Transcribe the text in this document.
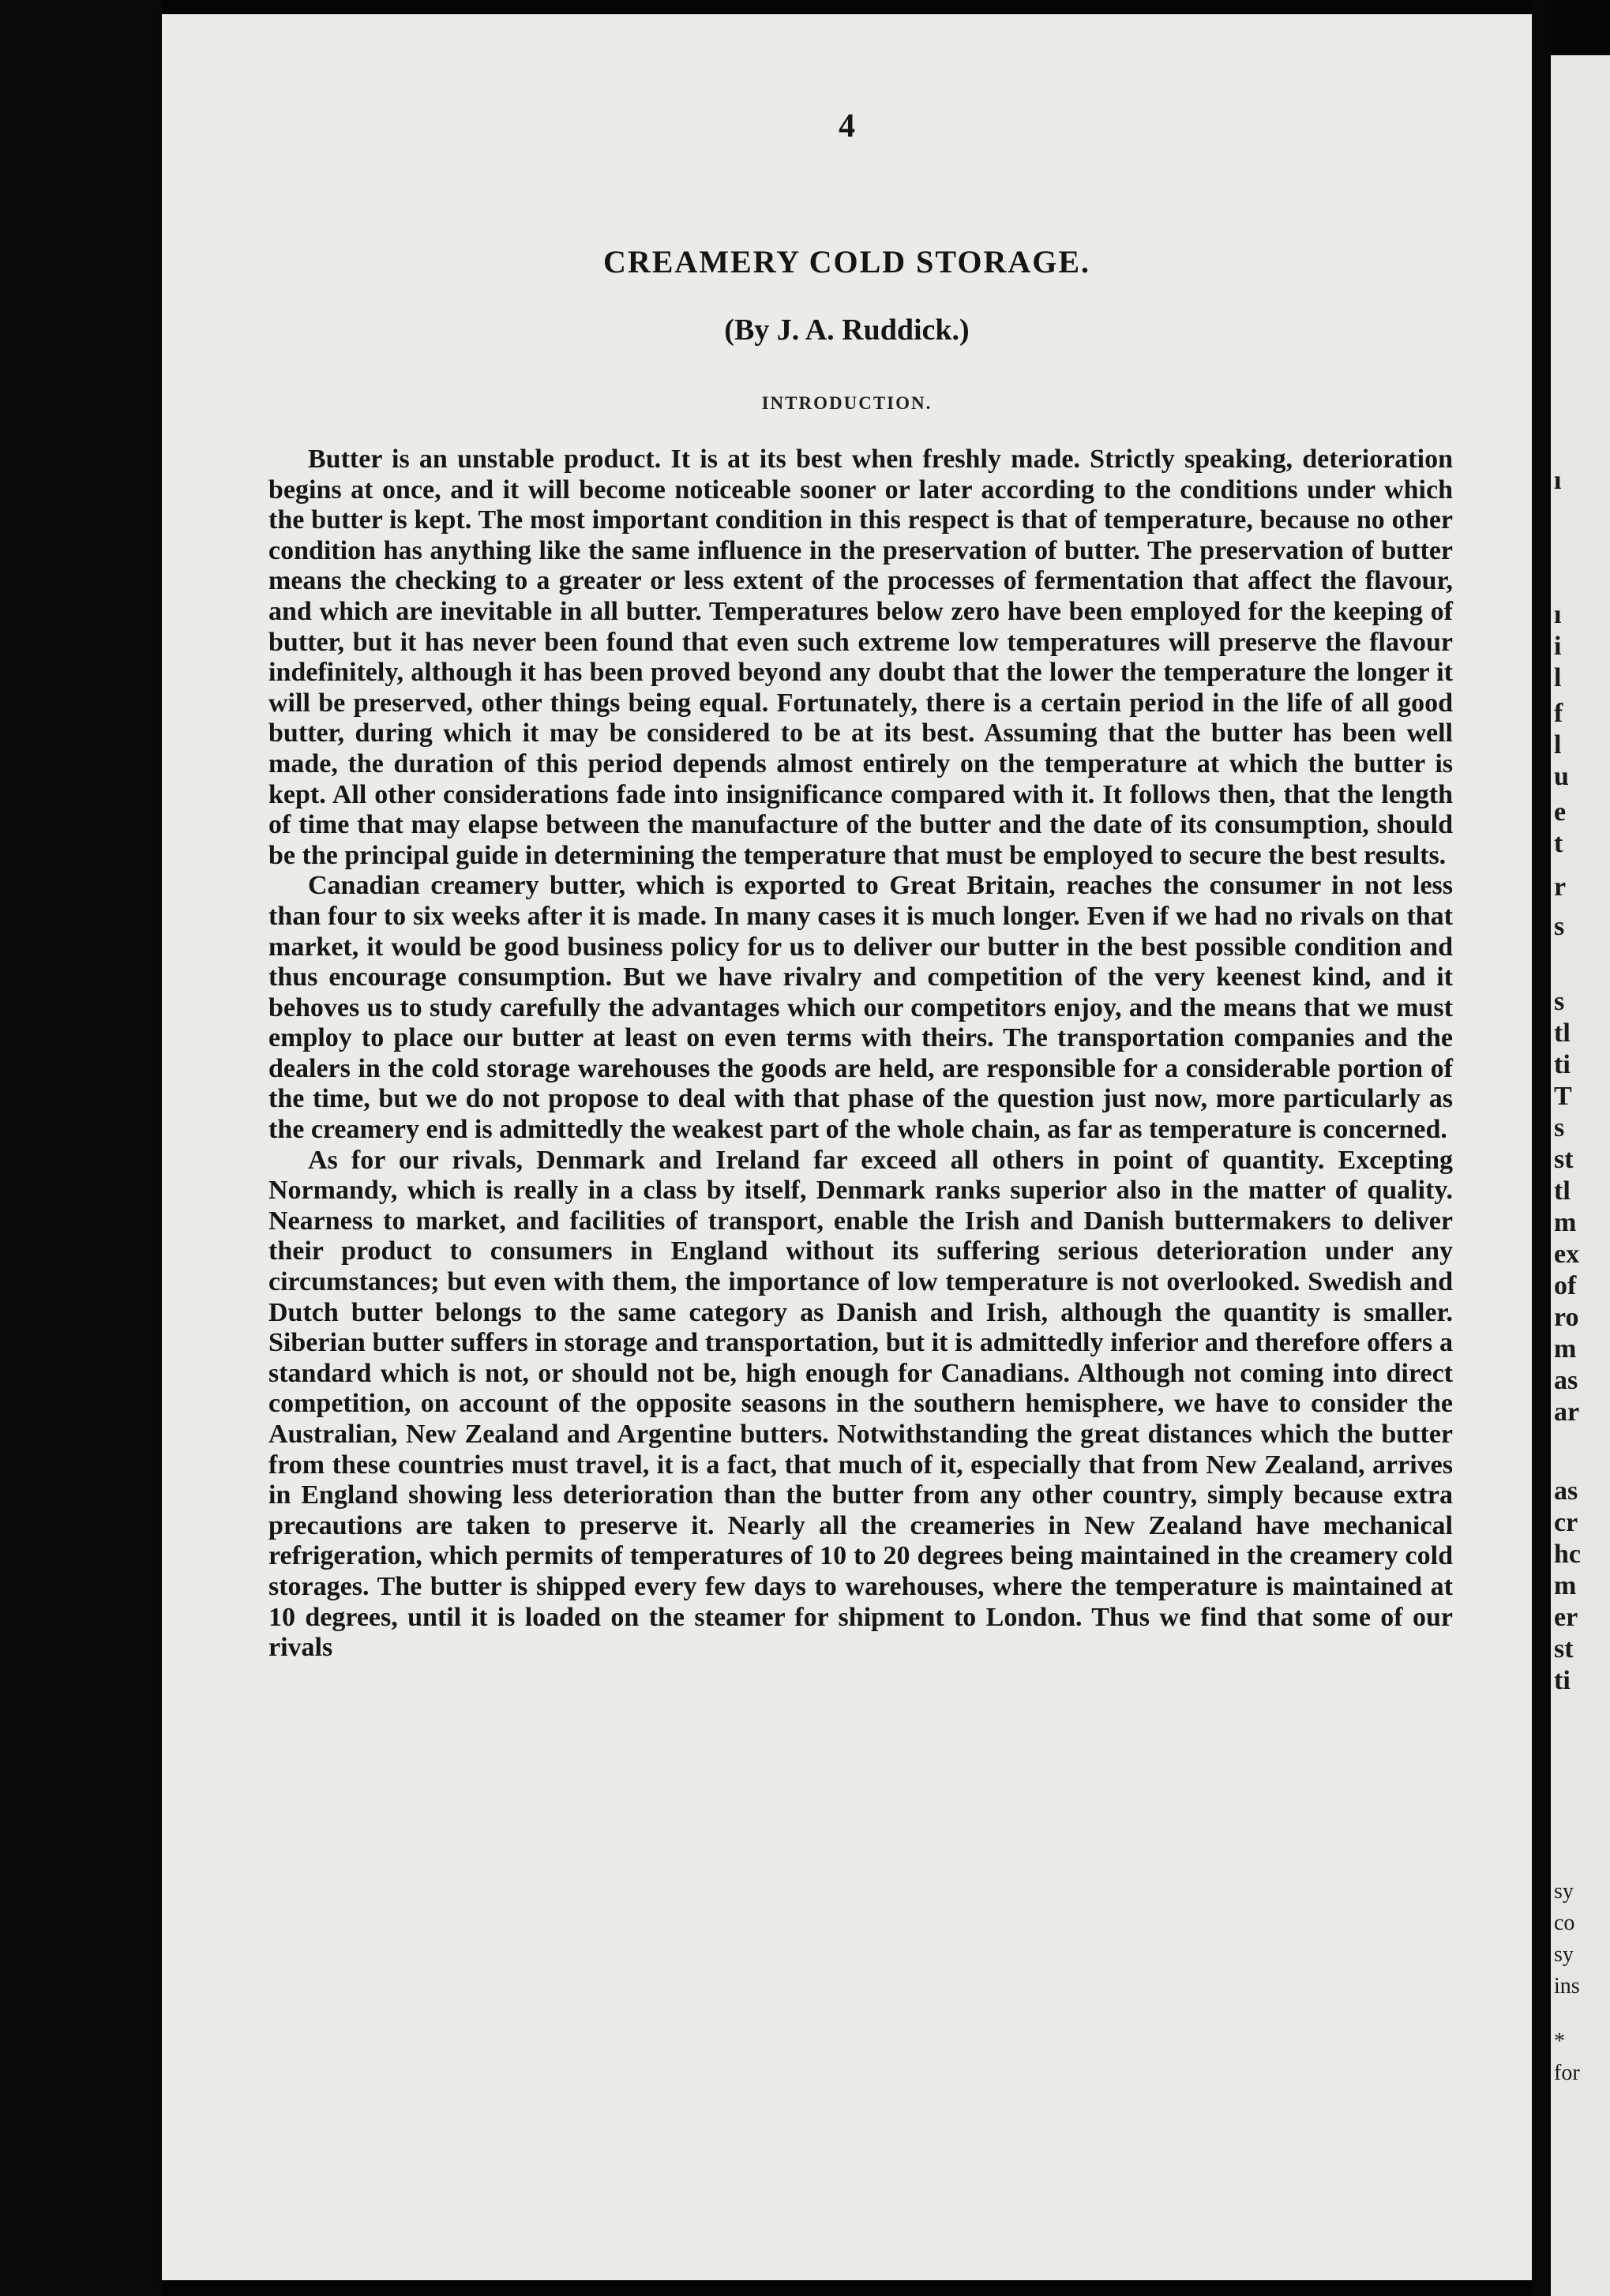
4
CREAMERY COLD STORAGE.
(By J. A. Ruddick.)
INTRODUCTION.

Butter is an unstable product. It is at its best when freshly made. Strictly speaking, deterioration begins at once, and it will become noticeable sooner or later according to the conditions under which the butter is kept. The most important condition in this respect is that of temperature, because no other condition has anything like the same influence in the preservation of butter. The preservation of butter means the checking to a greater or less extent of the processes of fermentation that affect the flavour, and which are inevitable in all butter. Temperatures below zero have been employed for the keeping of butter, but it has never been found that even such extreme low temperatures will preserve the flavour indefinitely, although it has been proved beyond any doubt that the lower the temperature the longer it will be preserved, other things being equal. Fortunately, there is a certain period in the life of all good butter, during which it may be considered to be at its best. Assuming that the butter has been well made, the duration of this period depends almost entirely on the temperature at which the butter is kept. All other considerations fade into insignificance compared with it. It follows then, that the length of time that may elapse between the manufacture of the butter and the date of its consumption, should be the principal guide in determining the temperature that must be employed to secure the best results.

Canadian creamery butter, which is exported to Great Britain, reaches the consumer in not less than four to six weeks after it is made. In many cases it is much longer. Even if we had no rivals on that market, it would be good business policy for us to deliver our butter in the best possible condition and thus encourage consumption. But we have rivalry and competition of the very keenest kind, and it behoves us to study carefully the advantages which our competitors enjoy, and the means that we must employ to place our butter at least on even terms with theirs. The transportation companies and the dealers in the cold storage warehouses the goods are held, are responsible for a considerable portion of the time, but we do not propose to deal with that phase of the question just now, more particularly as the creamery end is admittedly the weakest part of the whole chain, as far as temperature is concerned.

As for our rivals, Denmark and Ireland far exceed all others in point of quantity. Excepting Normandy, which is really in a class by itself, Denmark ranks superior also in the matter of quality. Nearness to market, and facilities of transport, enable the Irish and Danish buttermakers to deliver their product to consumers in England without its suffering serious deterioration under any circumstances; but even with them, the importance of low temperature is not overlooked. Swedish and Dutch butter belongs to the same category as Danish and Irish, although the quantity is smaller. Siberian butter suffers in storage and transportation, but it is admittedly inferior and therefore offers a standard which is not, or should not be, high enough for Canadians. Although not coming into direct competition, on account of the opposite seasons in the southern hemisphere, we have to consider the Australian, New Zealand and Argentine butters. Notwithstanding the great distances which the butter from these countries must travel, it is a fact, that much of it, especially that from New Zealand, arrives in England showing less deterioration than the butter from any other country, simply because extra precautions are taken to preserve it. Nearly all the creameries in New Zealand have mechanical refrigeration, which permits of temperatures of 10 to 20 degrees being maintained in the creamery cold storages. The butter is shipped every few days to warehouses, where the temperature is maintained at 10 degrees, until it is loaded on the steamer for shipment to London. Thus we find that some of our rivals

ı
ı
i
l
f
l
u
e
t
r
s
s
tl
ti
T
s
st
tl
m
ex
of
ro
m
as
ar
as
cr
hc
m
er
st
ti
sy
co
sy
ins
*
for
